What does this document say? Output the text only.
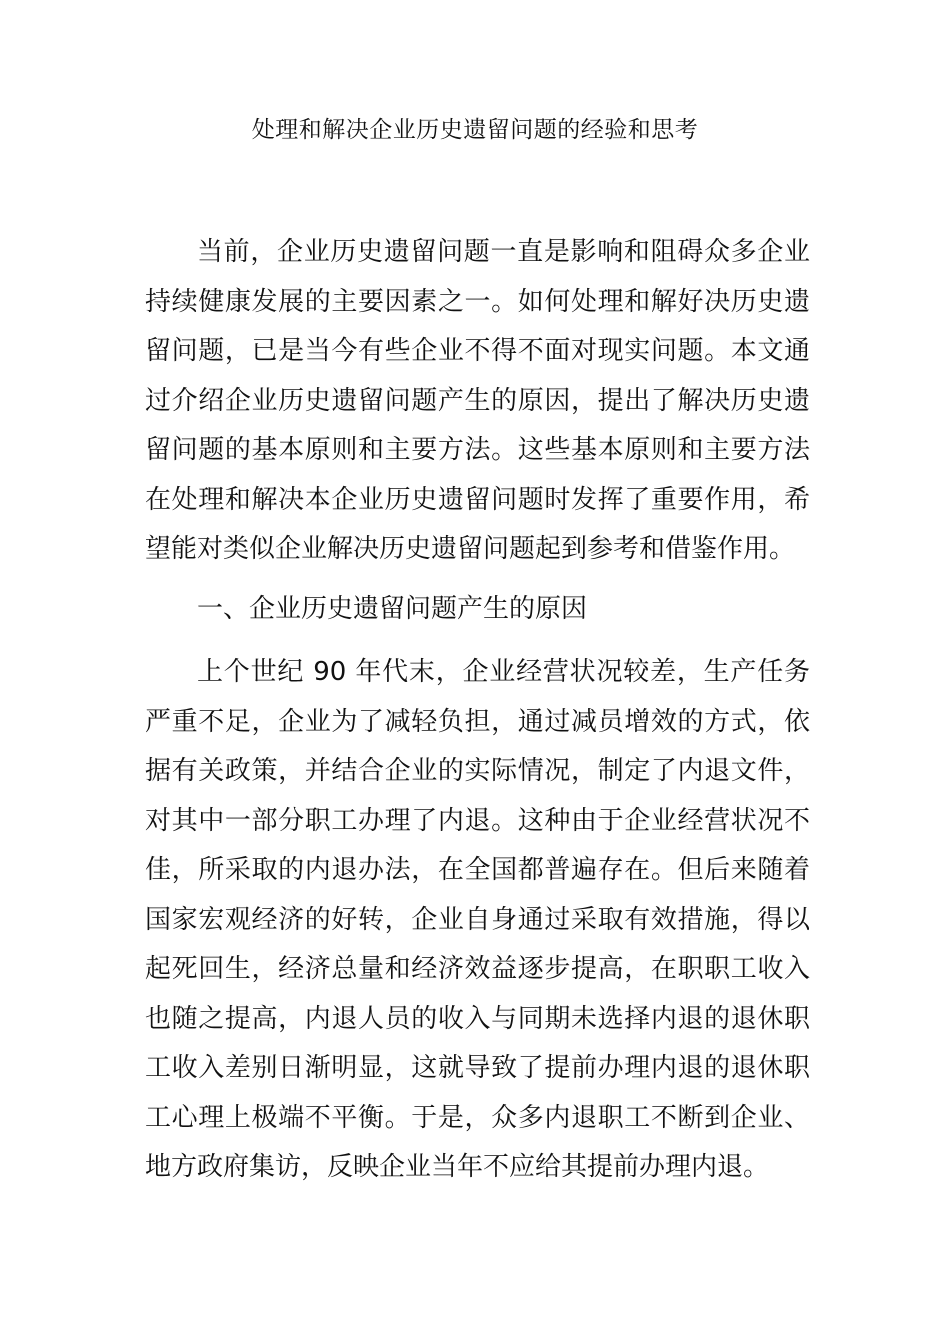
处理和解决企业历史遗留问题的经验和思考

当前，企业历史遗留问题一直是影响和阻碍众多企业持续健康发展的主要因素之一。如何处理和解好决历史遗留问题，已是当今有些企业不得不面对现实问题。本文通过介绍企业历史遗留问题产生的原因，提出了解决历史遗留问题的基本原则和主要方法。这些基本原则和主要方法在处理和解决本企业历史遗留问题时发挥了重要作用，希望能对类似企业解决历史遗留问题起到参考和借鉴作用。

一、企业历史遗留问题产生的原因

上个世纪 90 年代末，企业经营状况较差，生产任务严重不足，企业为了减轻负担，通过减员增效的方式，依据有关政策，并结合企业的实际情况，制定了内退文件，对其中一部分职工办理了内退。这种由于企业经营状况不佳，所采取的内退办法，在全国都普遍存在。但后来随着国家宏观经济的好转，企业自身通过采取有效措施，得以起死回生，经济总量和经济效益逐步提高，在职职工收入也随之提高，内退人员的收入与同期未选择内退的退休职工收入差别日渐明显，这就导致了提前办理内退的退休职工心理上极端不平衡。于是，众多内退职工不断到企业、地方政府集访，反映企业当年不应给其提前办理内退。
